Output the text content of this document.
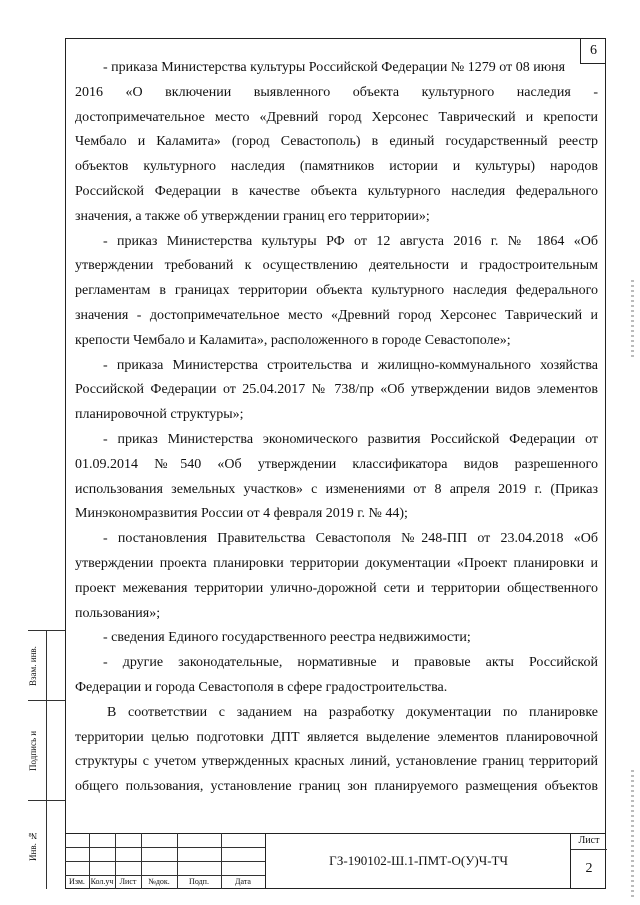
6
- приказа Министерства культуры Российской Федерации № 1279 от 08 июня
2016 «О включении выявленного объекта культурного наследия -
достопримечательное место «Древний город Херсонес Таврический и крепости
Чембало и Каламита» (город Севастополь) в единый государственный реестр
объектов культурного наследия (памятников истории и культуры) народов
Российской Федерации в качестве объекта культурного наследия федерального
значения, а также об утверждении границ его территории»;
- приказ Министерства культуры РФ от 12 августа 2016 г. № 1864 «Об
утверждении требований к осуществлению деятельности и градостроительным
регламентам в границах территории объекта культурного наследия федерального
значения - достопримечательное место «Древний город Херсонес Таврический и
крепости Чембало и Каламита», расположенного в городе Севастополе»;
- приказа Министерства строительства и жилищно-коммунального хозяйства
Российской Федерации от 25.04.2017 № 738/пр «Об утверждении видов элементов
планировочной структуры»;
- приказ Министерства экономического развития Российской Федерации от
01.09.2014 №540 «Об утверждении классификатора видов разрешенного
использования земельных участков» с изменениями от 8 апреля 2019 г. (Приказ
Минэкономразвития России от 4 февраля 2019 г. № 44);
- постановления Правительства Севастополя №248-ПП от 23.04.2018 «Об
утверждении проекта планировки территории документации «Проект планировки и
проект межевания территории улично-дорожной сети и территории общественного
пользования»;
- сведения Единого государственного реестра недвижимости;
- другие законодательные, нормативные и правовые акты Российской
Федерации и города Севастополя в сфере градостроительства.
В соответствии с заданием на разработку документации по планировке
территории целью подготовки ДПТ является выделение элементов планировочной
структуры с учетом утвержденных красных линий, установление границ территорий
общего пользования, установление границ зон планируемого размещения объектов
Взам. инв.
Подпись и
Инв. №
Изм. Кол.уч Лист	№док.	Подп.	Дата
ГЗ-190102-Ш.1-ПМТ-О(У)Ч-ТЧ
Лист
2
